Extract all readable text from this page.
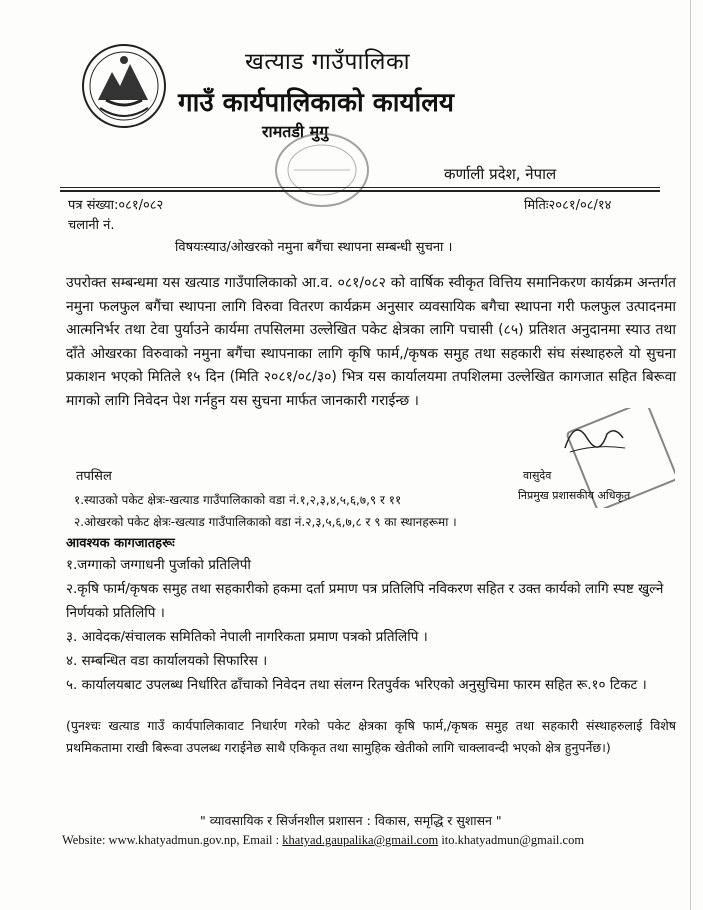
खत्याड गाउँपालिका
गाउँ कार्यपालिकाको कार्यालय
रामतडी मुगु
कर्णाली प्रदेश, नेपाल
पत्र संख्या:०८१/०८२	मितिः२०८१/०८/१४
चलानी नं.
विषयःस्याउ/ओखरको नमुना बगैंचा स्थापना सम्बन्धी सुचना ।
उपरोक्त सम्बन्धमा यस खत्याड गाउँपालिकाको आ.व. ०८१/०८२ को वार्षिक स्वीकृत वित्तिय समानिकरण कार्यक्रम अन्तर्गत नमुना फलफुल बगैंचा स्थापना लागि विरुवा वितरण कार्यक्रम अनुसार व्यवसायिक बगैचा स्थापना गरी फलफुल उत्पादनमा आत्मनिर्भर तथा टेवा पुर्याउने कार्यमा तपसिलमा उल्लेखित पकेट क्षेत्रका लागि पचासी (८५) प्रतिशत अनुदानमा स्याउ तथा दाँते ओखरका विरुवाको नमुना बगैंचा स्थापनाका लागि कृषि फार्म,/कृषक समुह तथा सहकारी संघ संस्थाहरुले यो सुचना प्रकाशन भएको मितिले १५ दिन (मिति २०८१/०८/३०) भित्र यस कार्यालयमा तपशिलमा उल्लेखित कागजात सहित बिरूवा मागको लागि निवेदन पेश गर्नहुन यस सुचना मार्फत जानकारी गराईन्छ ।
वासुदेव
निप्रमुख प्रशासकीय अधिकृत
तपसिल
१.स्याउको पकेट क्षेत्रः-खत्याड गाउँपालिकाको वडा नं.१,२,३,४,५,६,७,९ र ११
२.ओखरको पकेट क्षेत्रः-खत्याड गाउँपालिकाको वडा नं.२,३,५,६,७,८ र ९ का स्थानहरूमा ।
आवश्यक कागजातहरूः

१.जग्गाको जग्गाधनी पुर्जाको प्रतिलिपी

२.कृषि फार्म/कृषक समुह तथा सहकारीको हकमा दर्ता प्रमाण पत्र प्रतिलिपि नविकरण सहित र उक्त कार्यको लागि स्पष्ट खुल्ने निर्णयको प्रतिलिपि ।

३. आवेदक/संचालक समितिको नेपाली नागरिकता प्रमाण पत्रको प्रतिलिपि ।

४. सम्बन्धित वडा कार्यालयको सिफारिस ।

५. कार्यालयबाट उपलब्ध निर्धारित ढाँचाको निवेदन तथा संलग्न रितपुर्वक भरिएको अनुसुचिमा फारम सहित रू.१० टिकट ।

(पुनश्चः खत्याड गाउँ कार्यपालिकावाट निधार्रण गरेको पकेट क्षेत्रका कृषि फार्म,/कृषक समुह तथा सहकारी संस्थाहरुलाई विशेष प्रथमिकतामा राखी बिरूवा उपलब्ध गराईनेछ साथै एकिकृत तथा सामुहिक खेतीको लागि चाक्लावन्दी भएको क्षेत्र हुनुपर्नेछ।)
" व्यावसायिक र सिर्जनशील प्रशासन : विकास, समृद्धि र सुशासन "
Website: www.khatyadmun.gov.np, Email : khatyad.gaupalika@gmail.com ito.khatyadmun@gmail.com
